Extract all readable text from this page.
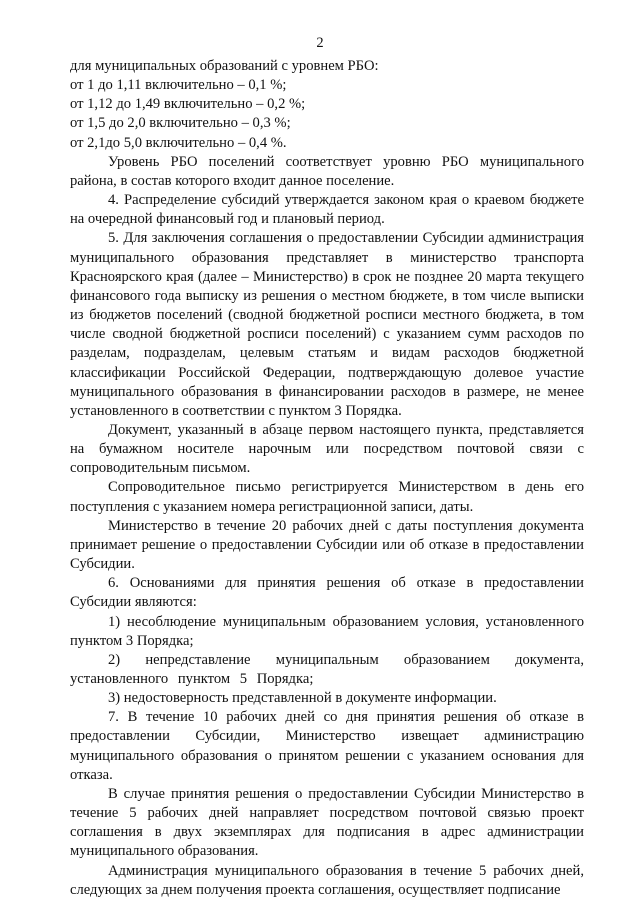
2

для муниципальных образований с уровнем РБО:

от 1 до 1,11 включительно – 0,1 %;

от 1,12 до 1,49 включительно – 0,2 %;

от 1,5 до 2,0 включительно – 0,3 %;

от 2,1до 5,0 включительно – 0,4 %.

Уровень РБО поселений соответствует уровню РБО муниципального района, в состав которого входит данное поселение.

4. Распределение субсидий утверждается законом края о краевом бюджете на очередной финансовый год и плановый период.

5. Для заключения соглашения о предоставлении Субсидии администрация муниципального образования представляет в министерство транспорта Красноярского края (далее – Министерство) в срок не позднее 20 марта текущего финансового года выписку из решения о местном бюджете, в том числе выписки из бюджетов поселений (сводной бюджетной росписи местного бюджета, в том числе сводной бюджетной росписи поселений) с указанием сумм расходов по разделам, подразделам, целевым статьям и видам расходов бюджетной классификации Российской Федерации, подтверждающую долевое участие муниципального образования в финансировании расходов в размере, не менее установленного в соответствии с пунктом 3 Порядка.

Документ, указанный в абзаце первом настоящего пункта, представляется на бумажном носителе нарочным или посредством почтовой связи с сопроводительным письмом.

Сопроводительное письмо регистрируется Министерством в день его поступления с указанием номера регистрационной записи, даты.

Министерство в течение 20 рабочих дней с даты поступления документа принимает решение о предоставлении Субсидии или об отказе в предоставлении Субсидии.

6. Основаниями для принятия решения об отказе в предоставлении Субсидии являются:

1) несоблюдение муниципальным образованием условия, установленного пунктом 3 Порядка;

2) непредставление муниципальным образованием документа, установленного пунктом 5 Порядка;

3) недостоверность представленной в документе информации.

7. В течение 10 рабочих дней со дня принятия решения об отказе в предоставлении Субсидии, Министерство извещает администрацию муниципального образования о принятом решении с указанием основания для отказа.

В случае принятия решения о предоставлении Субсидии Министерство в течение 5 рабочих дней направляет посредством почтовой связью проект соглашения в двух экземплярах для подписания в адрес администрации муниципального образования.

Администрация муниципального образования в течение 5 рабочих дней, следующих за днем получения проекта соглашения, осуществляет подписание
